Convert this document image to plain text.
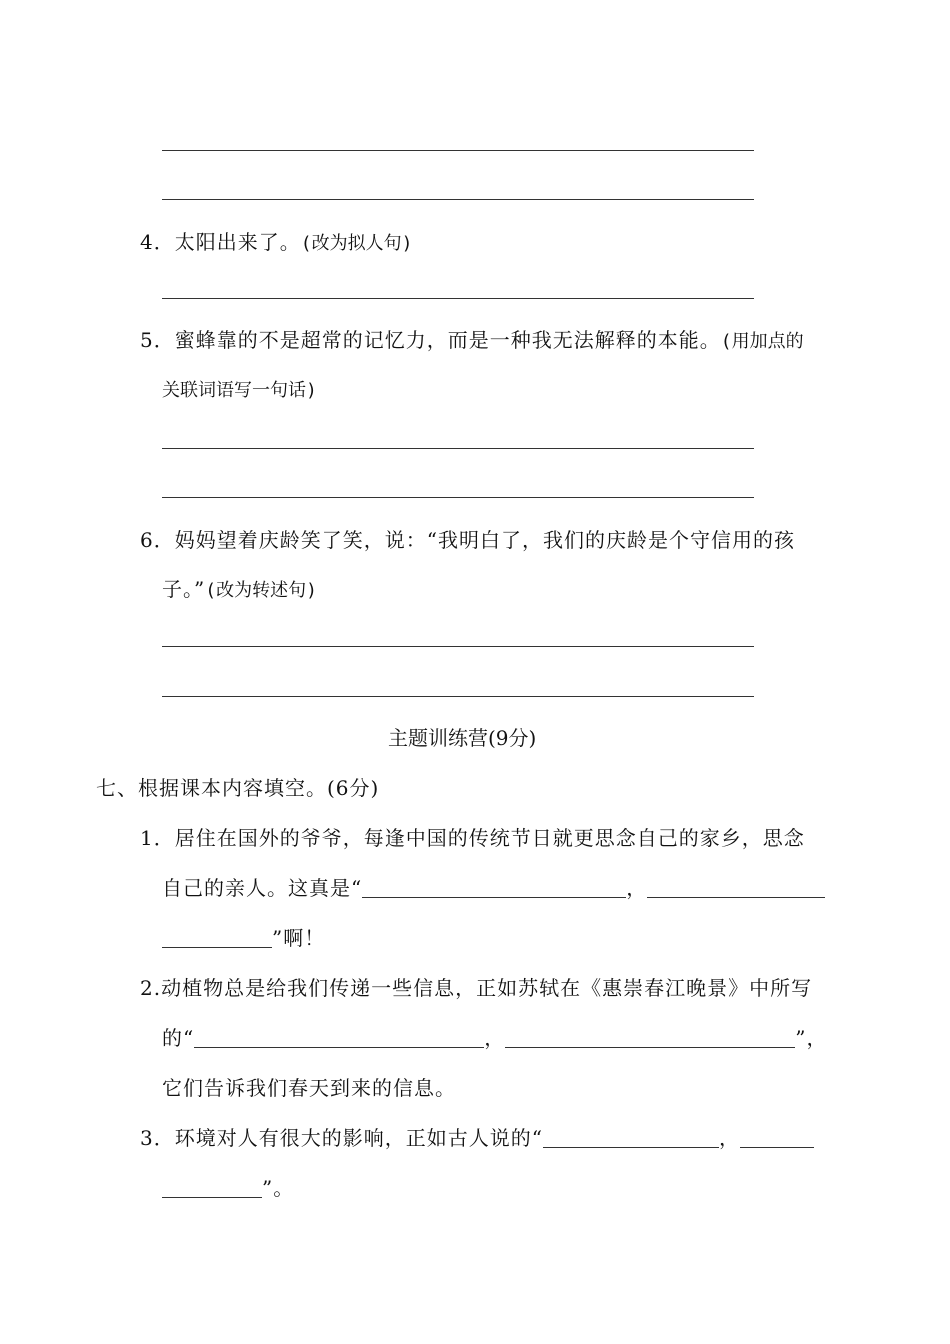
4．太阳出来了。(改为拟人句)
5．蜜蜂靠的不是超常的记忆力，而是一种我无法解释的本能。(用加点的
关联词语写一句话)
6．妈妈望着庆龄笑了笑，说：“我明白了，我们的庆龄是个守信用的孩
子。”(改为转述句)
主题训练营(9分)
七、根据课本内容填空。(6分)
1．居住在国外的爷爷，每逢中国的传统节日就更思念自己的家乡，思念
自己的亲人。这真是“	，
”啊！
2.动植物总是给我们传递一些信息，正如苏轼在《惠崇春江晚景》中所写
的“	，	”，
它们告诉我们春天到来的信息。
3．环境对人有很大的影响，正如古人说的“	，
”。
